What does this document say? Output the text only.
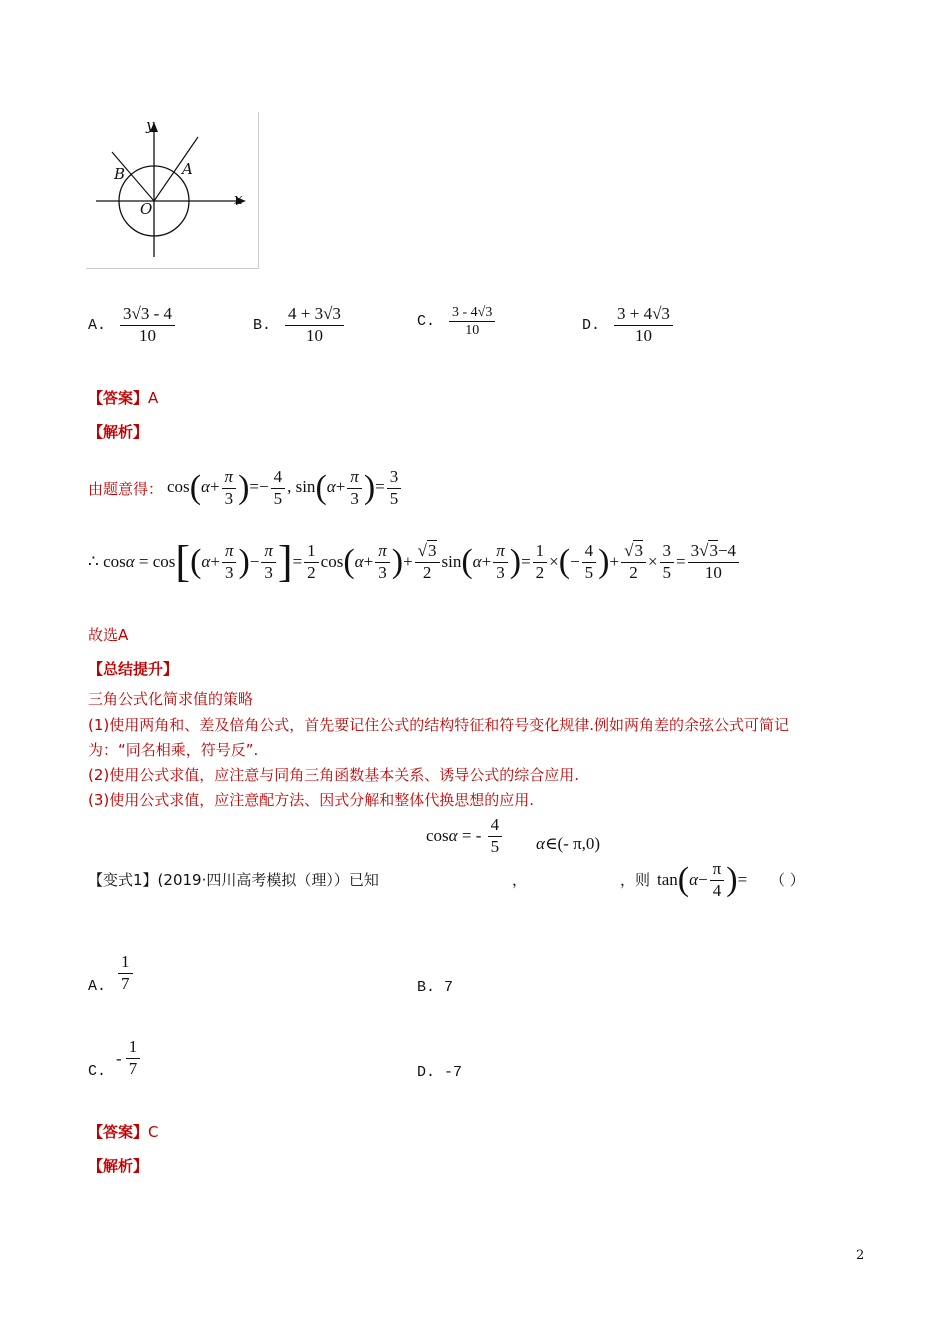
y
x
O
A
B
A. $\frac{3√3 - 4}{10}$	B. $\frac{4 + 3√3}{10}$	C. $\frac{3 - 4√3}{10}$	D. $\frac{3 + 4√3}{10}$
【答案】A
【解析】
由题意得： $\cos(\alpha+ \frac{\pi}{3}$ )=− $\frac{4}{5}$ , $\sin(\alpha+ \frac{\pi}{3}$ )= $\frac{3}{5}$
∴ cos α = cos [ ( $\alpha + \frac{\pi}{3}$ ) − $\frac{\pi}{3}$ ] = $\frac{1}{2}$ cos ( $\alpha + \frac{\pi}{3}$ ) + $\frac{√3}{2}$ sin ( $\alpha + \frac{\pi}{3}$ ) = $\frac{1}{2}$ × ( − $\frac{4}{5}$ ) + $\frac{√3}{2} \times \frac{3}{5} = \frac{3√3-4}{10}$
故选A
【总结提升】
三角公式化简求值的策略
(1)使用两角和、差及倍角公式，首先要记住公式的结构特征和符号变化规律.例如两角差的余弦公式可简记
为：“同名相乘，符号反”.
(2)使用公式求值，应注意与同角三角函数基本关系、诱导公式的综合应用.
(3)使用公式求值，应注意配方法、因式分解和整体代换思想的应用.
cos α = - $\frac{4}{5}$ α∈(- π,0)
【变式1】(2019·四川高考模拟（理））已知	，	，则 tan ( $\alpha - \frac{\pi}{4}$ ) = （ ）
A. $\frac{1}{7}$	B. 7
C.
- $\frac{1}{7}$	D. -7
【答案】C
【解析】
2
